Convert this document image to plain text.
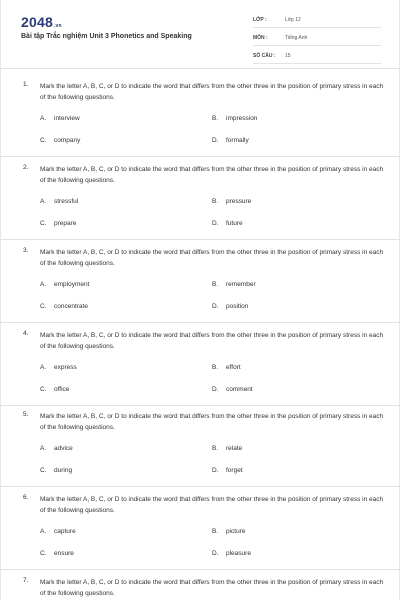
2048.vn
Bài tập Trắc nghiệm Unit 3 Phonetics and Speaking
LỚP :	Lớp 12
MÔN :	Tiếng Anh
SỐ CÂU : 15
1. Mark the letter A, B, C, or D to indicate the word that differs from the other three in the position of primary stress in each of the following questions.
A. interview	B. impression
C. company	D. formally
2. Mark the letter A, B, C, or D to indicate the word that differs from the other three in the position of primary stress in each of the following questions.
A. stressful	B. pressure
C. prepare	D. future
3. Mark the letter A, B, C, or D to indicate the word that differs from the other three in the position of primary stress in each of the following questions.
A. employment	B. remember
C. concentrate	D. position
4. Mark the letter A, B, C, or D to indicate the word that differs from the other three in the position of primary stress in each of the following questions.
A. express	B. effort
C. office	D. comment
5. Mark the letter A, B, C, or D to indicate the word that differs from the other three in the position of primary stress in each of the following questions.
A. advice	B. relate
C. during	D. forget
6. Mark the letter A, B, C, or D to indicate the word that differs from the other three in the position of primary stress in each of the following questions.
A. capture	B. picture
C. ensure	D. pleasure
7. Mark the letter A, B, C, or D to indicate the word that differs from the other three in the position of primary stress in each of the following questions.
